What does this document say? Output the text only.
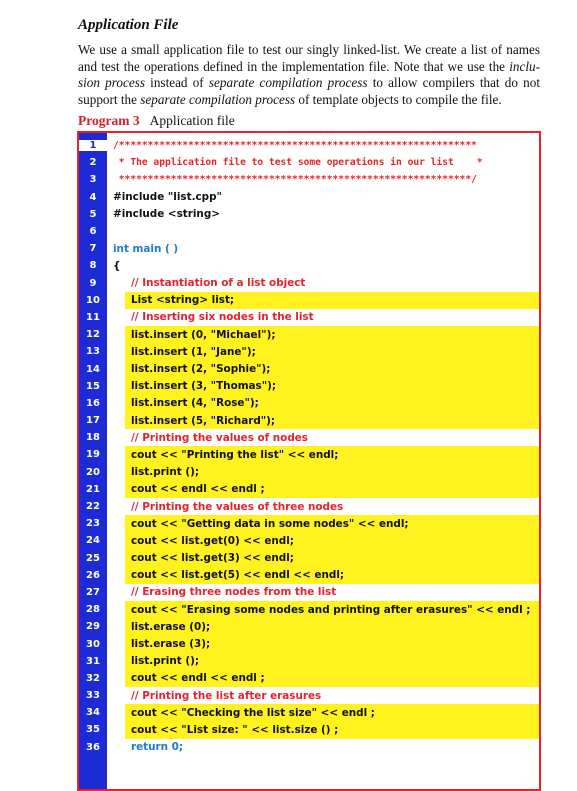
Application File
We use a small application file to test our singly linked-list. We create a list of names and test the operations defined in the implementation file. Note that we use the inclu-sion process instead of separate compilation process to allow compilers that do not support the separate compilation process of template objects to compile the file.
Program 3 Application file
1	/**************************************************************
2	* The application file to test some operations in our list    *
3	*************************************************************/
4	#include "list.cpp"
5	#include <string>
6
7	int main ( )
8	{
9	// Instantiation of a list object
10	List <string> list;
11	// Inserting six nodes in the list
12	list.insert (0, "Michael");
13	list.insert (1, "Jane");
14	list.insert (2, "Sophie");
15	list.insert (3, "Thomas");
16	list.insert (4, "Rose");
17	list.insert (5, "Richard");
18	// Printing the values of nodes
19	cout << "Printing the list" << endl;
20	list.print ();
21	cout << endl << endl ;
22	// Printing the values of three nodes
23	cout << "Getting data in some nodes" << endl;
24	cout << list.get(0) << endl;
25	cout << list.get(3) << endl;
26	cout << list.get(5) << endl << endl;
27	// Erasing three nodes from the list
28	cout << "Erasing some nodes and printing after erasures" << endl ;
29	list.erase (0);
30	list.erase (3);
31	list.print ();
32	cout << endl << endl ;
33	// Printing the list after erasures
34	cout << "Checking the list size" << endl ;
35	cout << "List size: " << list.size () ;
36	return 0;
